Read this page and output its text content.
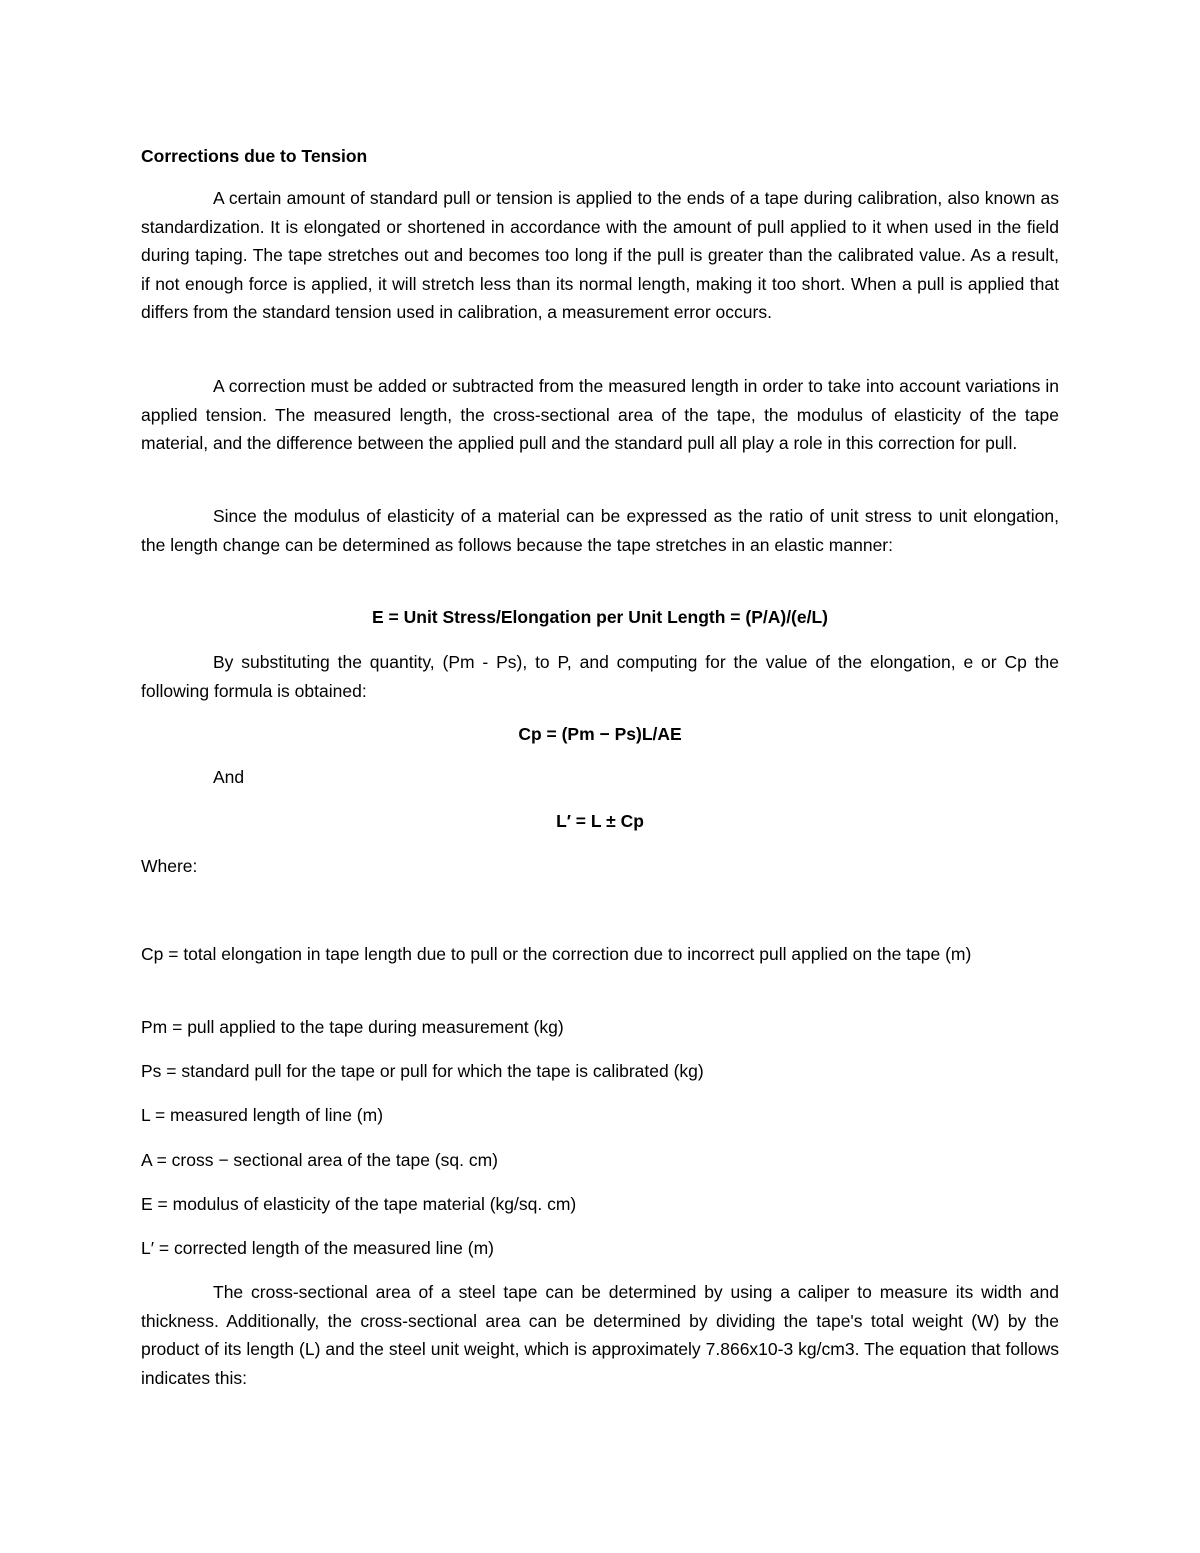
Corrections due to Tension

A certain amount of standard pull or tension is applied to the ends of a tape during calibration, also known as standardization. It is elongated or shortened in accordance with the amount of pull applied to it when used in the field during taping. The tape stretches out and becomes too long if the pull is greater than the calibrated value. As a result, if not enough force is applied, it will stretch less than its normal length, making it too short. When a pull is applied that differs from the standard tension used in calibration, a measurement error occurs.

A correction must be added or subtracted from the measured length in order to take into account variations in applied tension. The measured length, the cross-sectional area of the tape, the modulus of elasticity of the tape material, and the difference between the applied pull and the standard pull all play a role in this correction for pull.

Since the modulus of elasticity of a material can be expressed as the ratio of unit stress to unit elongation, the length change can be determined as follows because the tape stretches in an elastic manner:

E = Unit Stress/Elongation per Unit Length = (P/A)/(e/L)

By substituting the quantity, (Pm - Ps), to P, and computing for the value of the elongation, e or Cp the following formula is obtained:

Cp = (Pm − Ps)L/AE
And
L′ = L ± Cp
Where:

Cp = total elongation in tape length due to pull or the correction due to incorrect pull applied on the tape (m)

Pm = pull applied to the tape during measurement (kg)

Ps = standard pull for the tape or pull for which the tape is calibrated (kg)

L = measured length of line (m)

A = cross − sectional area of the tape (sq. cm)

E = modulus of elasticity of the tape material (kg/sq. cm)

L′ = corrected length of the measured line (m)

The cross-sectional area of a steel tape can be determined by using a caliper to measure its width and thickness. Additionally, the cross-sectional area can be determined by dividing the tape's total weight (W) by the product of its length (L) and the steel unit weight, which is approximately 7.866x10-3 kg/cm3. The equation that follows indicates this:
